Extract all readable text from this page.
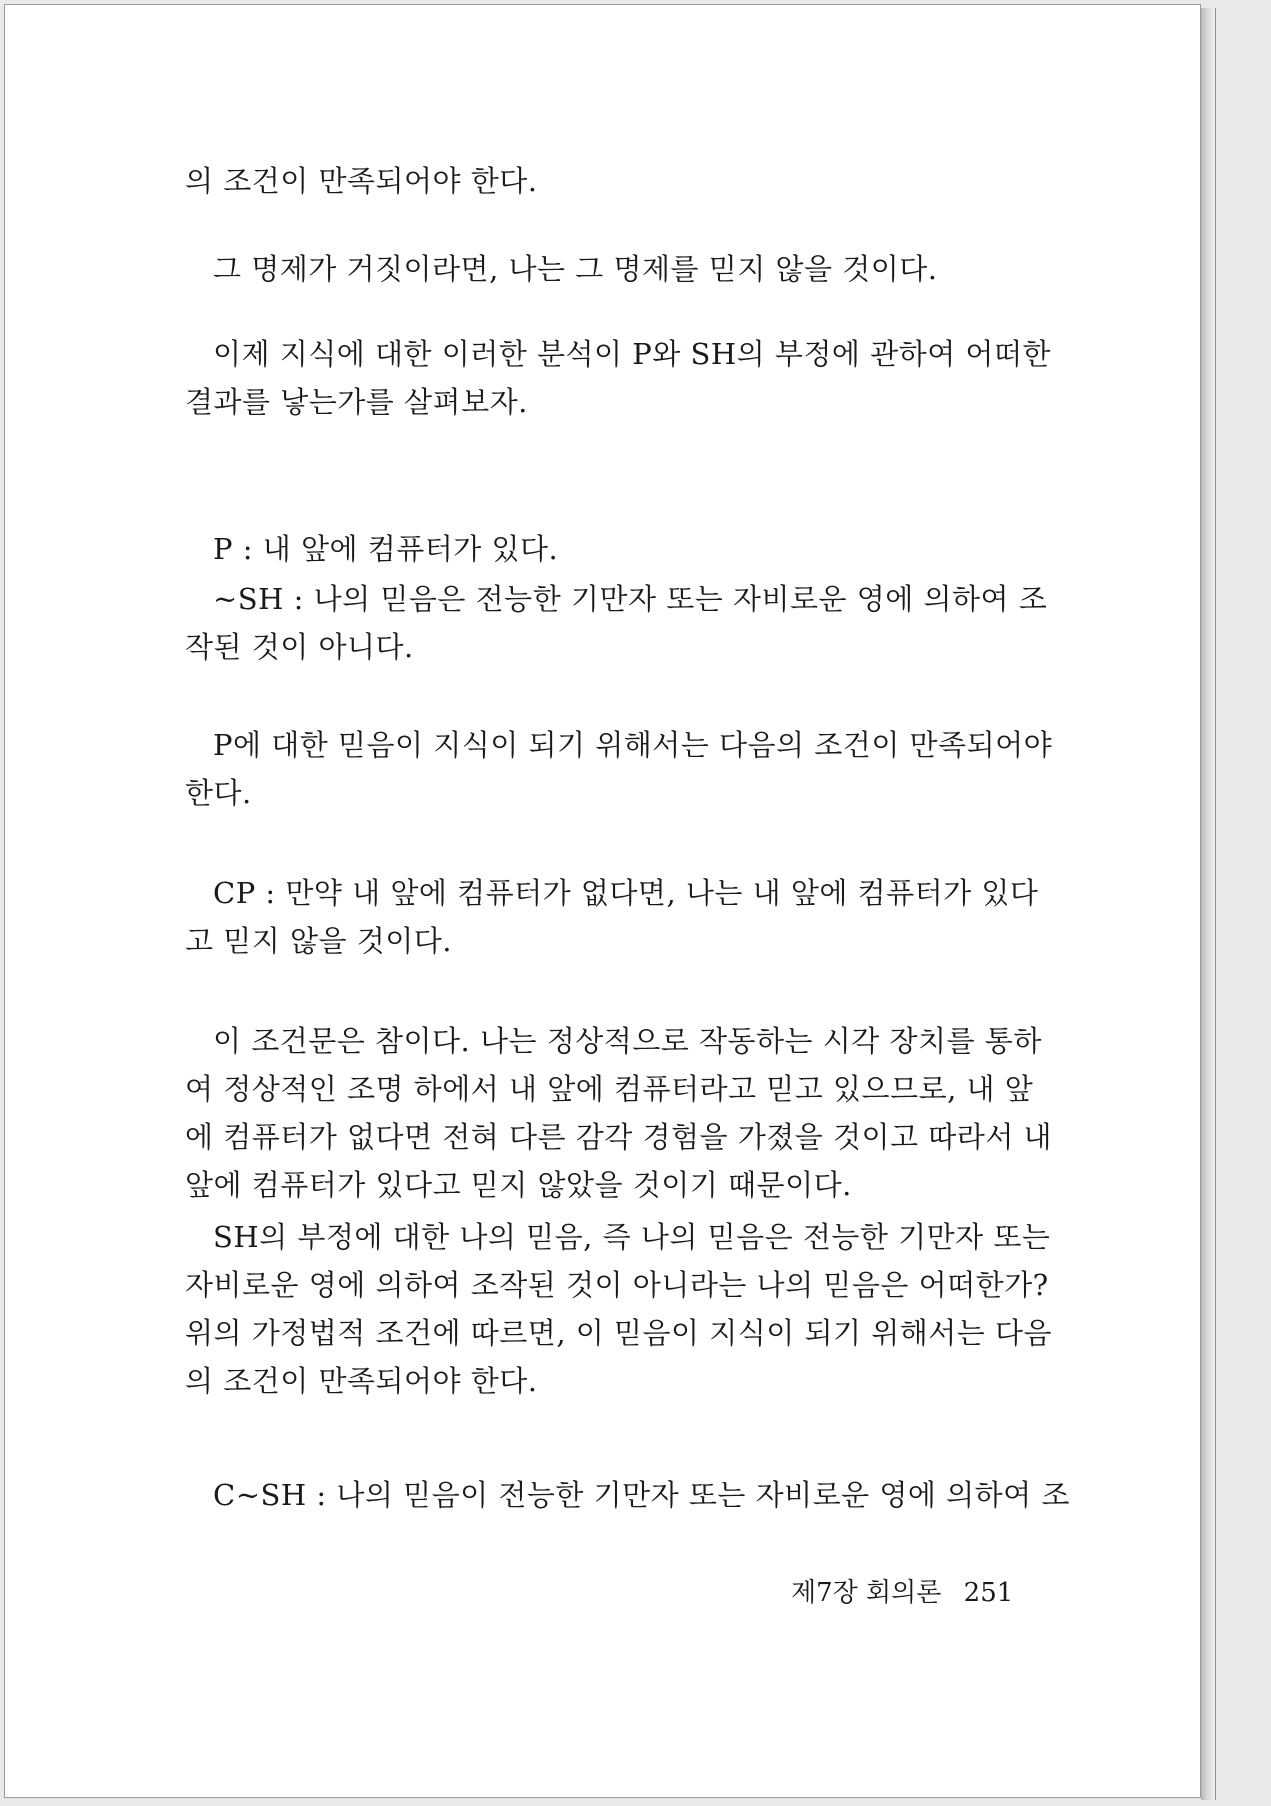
의 조건이 만족되어야 한다.
그 명제가 거짓이라면, 나는 그 명제를 믿지 않을 것이다.
이제 지식에 대한 이러한 분석이 P와 SH의 부정에 관하여 어떠한
결과를 낳는가를 살펴보자.
P : 내 앞에 컴퓨터가 있다.
~SH : 나의 믿음은 전능한 기만자 또는 자비로운 영에 의하여 조
작된 것이 아니다.
P에 대한 믿음이 지식이 되기 위해서는 다음의 조건이 만족되어야
한다.
CP : 만약 내 앞에 컴퓨터가 없다면, 나는 내 앞에 컴퓨터가 있다
고 믿지 않을 것이다.
이 조건문은 참이다. 나는 정상적으로 작동하는 시각 장치를 통하
여 정상적인 조명 하에서 내 앞에 컴퓨터라고 믿고 있으므로, 내 앞
에 컴퓨터가 없다면 전혀 다른 감각 경험을 가졌을 것이고 따라서 내
앞에 컴퓨터가 있다고 믿지 않았을 것이기 때문이다.
SH의 부정에 대한 나의 믿음, 즉 나의 믿음은 전능한 기만자 또는
자비로운 영에 의하여 조작된 것이 아니라는 나의 믿음은 어떠한가?
위의 가정법적 조건에 따르면, 이 믿음이 지식이 되기 위해서는 다음
의 조건이 만족되어야 한다.
C~SH : 나의 믿음이 전능한 기만자 또는 자비로운 영에 의하여 조
제7장 회의론 251
